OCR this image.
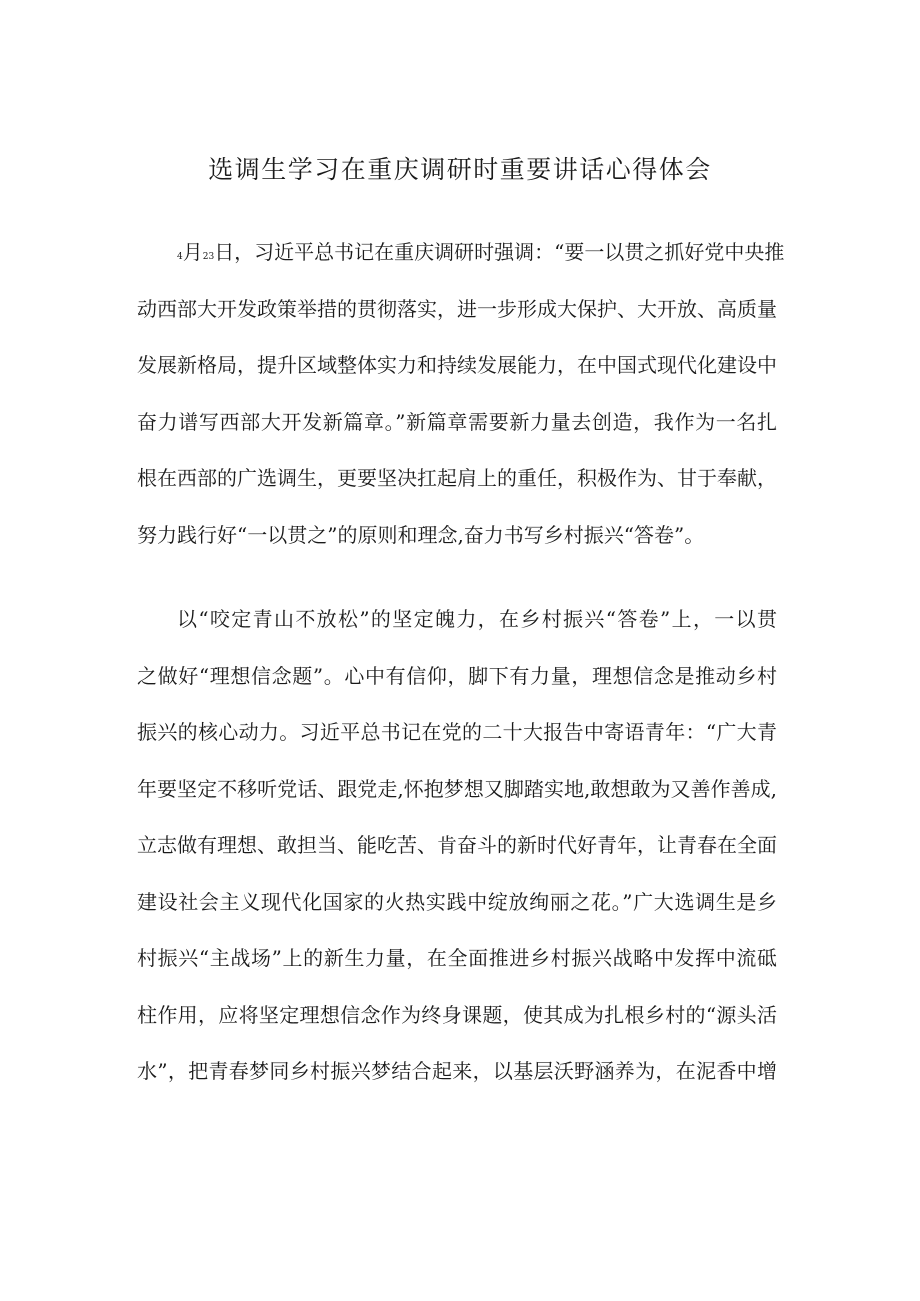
选调生学习在重庆调研时重要讲话心得体会
4月23日，习近平总书记在重庆调研时强调：“要一以贯之抓好党中央推
动西部大开发政策举措的贯彻落实，进一步形成大保护、大开放、高质量
发展新格局，提升区域整体实力和持续发展能力，在中国式现代化建设中
奋力谱写西部大开发新篇章。”新篇章需要新力量去创造，我作为一名扎
根在西部的广选调生，更要坚决扛起肩上的重任，积极作为、甘于奉献，
努力践行好“一以贯之”的原则和理念,奋力书写乡村振兴“答卷”。
以“咬定青山不放松”的坚定魄力，在乡村振兴“答卷”上，一以贯
之做好“理想信念题”。心中有信仰，脚下有力量，理想信念是推动乡村
振兴的核心动力。习近平总书记在党的二十大报告中寄语青年：“广大青
年要坚定不移听党话、跟党走,怀抱梦想又脚踏实地,敢想敢为又善作善成,
立志做有理想、敢担当、能吃苦、肯奋斗的新时代好青年，让青春在全面
建设社会主义现代化国家的火热实践中绽放绚丽之花。”广大选调生是乡
村振兴“主战场”上的新生力量，在全面推进乡村振兴战略中发挥中流砥
柱作用，应将坚定理想信念作为终身课题，使其成为扎根乡村的“源头活
水”，把青春梦同乡村振兴梦结合起来，以基层沃野涵养为，在泥香中增
